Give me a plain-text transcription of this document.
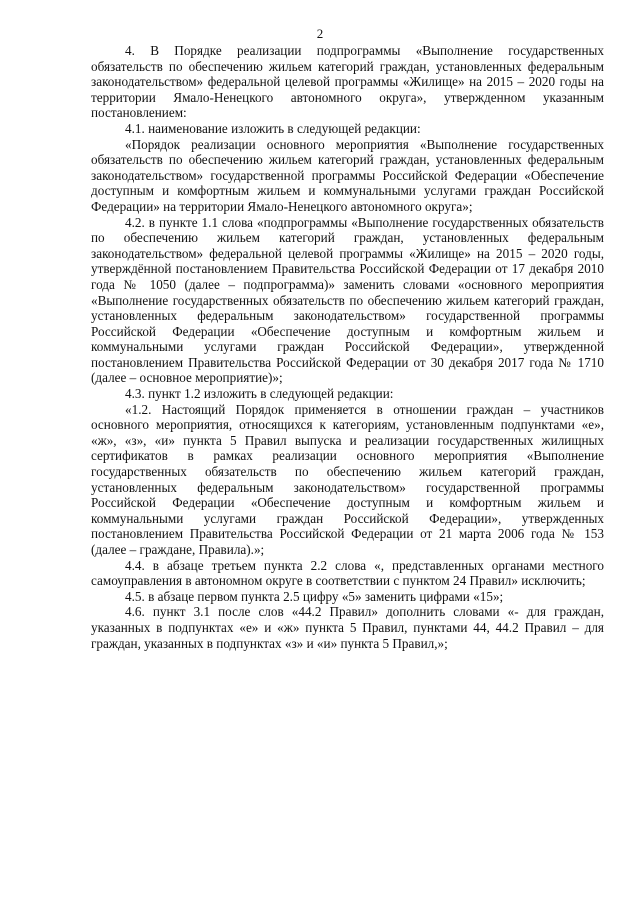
2

4. В Порядке реализации подпрограммы «Выполнение государственных обязательств по обеспечению жильем категорий граждан, установленных федеральным законодательством» федеральной целевой программы «Жилище» на 2015 – 2020 годы на территории Ямало-Ненецкого автономного округа», утвержденном указанным постановлением:

4.1. наименование изложить в следующей редакции:

«Порядок реализации основного мероприятия «Выполнение государственных обязательств по обеспечению жильем категорий граждан, установленных федеральным законодательством» государственной программы Российской Федерации «Обеспечение доступным и комфортным жильем и коммунальными услугами граждан Российской Федерации» на территории Ямало-Ненецкого автономного округа»;

4.2. в пункте 1.1 слова «подпрограммы «Выполнение государственных обязательств по обеспечению жильем категорий граждан, установленных федеральным законодательством» федеральной целевой программы «Жилище» на 2015 – 2020 годы, утверждённой постановлением Правительства Российской Федерации от 17 декабря 2010 года № 1050 (далее – подпрограмма)» заменить словами «основного мероприятия «Выполнение государственных обязательств по обеспечению жильем категорий граждан, установленных федеральным законодательством» государственной программы Российской Федерации «Обеспечение доступным и комфортным жильем и коммунальными услугами граждан Российской Федерации», утвержденной постановлением Правительства Российской Федерации от 30 декабря 2017 года № 1710 (далее – основное мероприятие)»;

4.3. пункт 1.2 изложить в следующей редакции:

«1.2. Настоящий Порядок применяется в отношении граждан – участников основного мероприятия, относящихся к категориям, установленным подпунктами «е», «ж», «з», «и» пункта 5 Правил выпуска и реализации государственных жилищных сертификатов в рамках реализации основного мероприятия «Выполнение государственных обязательств по обеспечению жильем категорий граждан, установленных федеральным законодательством» государственной программы Российской Федерации «Обеспечение доступным и комфортным жильем и коммунальными услугами граждан Российской Федерации», утвержденных постановлением Правительства Российской Федерации от 21 марта 2006 года № 153 (далее – граждане, Правила).»;

4.4. в абзаце третьем пункта 2.2 слова «, представленных органами местного самоуправления в автономном округе в соответствии с пунктом 24 Правил» исключить;

4.5. в абзаце первом пункта 2.5 цифру «5» заменить цифрами «15»;

4.6. пункт 3.1 после слов «44.2 Правил» дополнить словами «- для граждан, указанных в подпунктах «е» и «ж» пункта 5 Правил, пунктами 44, 44.2 Правил – для граждан, указанных в подпунктах «з» и «и» пункта 5 Правил,»;
